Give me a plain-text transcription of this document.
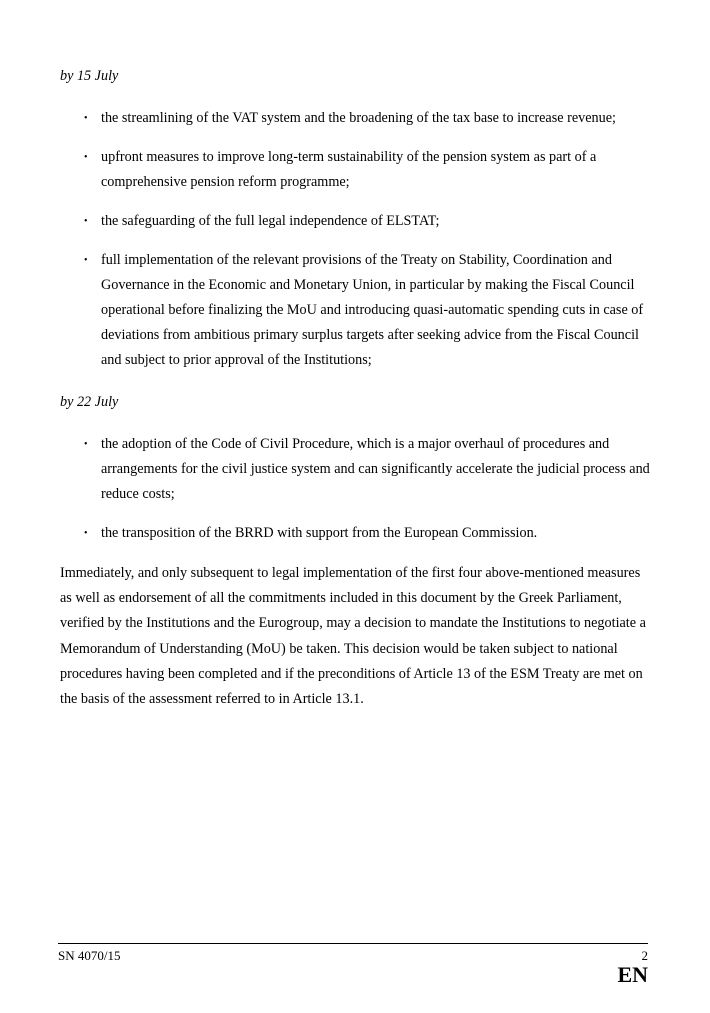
by 15 July

• the streamlining of the VAT system and the broadening of the tax base to increase revenue;
• upfront measures to improve long-term sustainability of the pension system as part of a comprehensive pension reform programme;
• the safeguarding of the full legal independence of ELSTAT;
• full implementation of the relevant provisions of the Treaty on Stability, Coordination and Governance in the Economic and Monetary Union, in particular by making the Fiscal Council operational before finalizing the MoU and introducing quasi-automatic spending cuts in case of deviations from ambitious primary surplus targets after seeking advice from the Fiscal Council and subject to prior approval of the Institutions;

by 22 July

• the adoption of the Code of Civil Procedure, which is a major overhaul of procedures and arrangements for the civil justice system and can significantly accelerate the judicial process and reduce costs;
• the transposition of the BRRD with support from the European Commission.

Immediately, and only subsequent to legal implementation of the first four above-mentioned measures as well as endorsement of all the commitments included in this document by the Greek Parliament, verified by the Institutions and the Eurogroup, may a decision to mandate the Institutions to negotiate a Memorandum of Understanding (MoU) be taken. This decision would be taken subject to national procedures having been completed and if the preconditions of Article 13 of the ESM Treaty are met on the basis of the assessment referred to in Article 13.1.

SN 4070/15	2
EN
